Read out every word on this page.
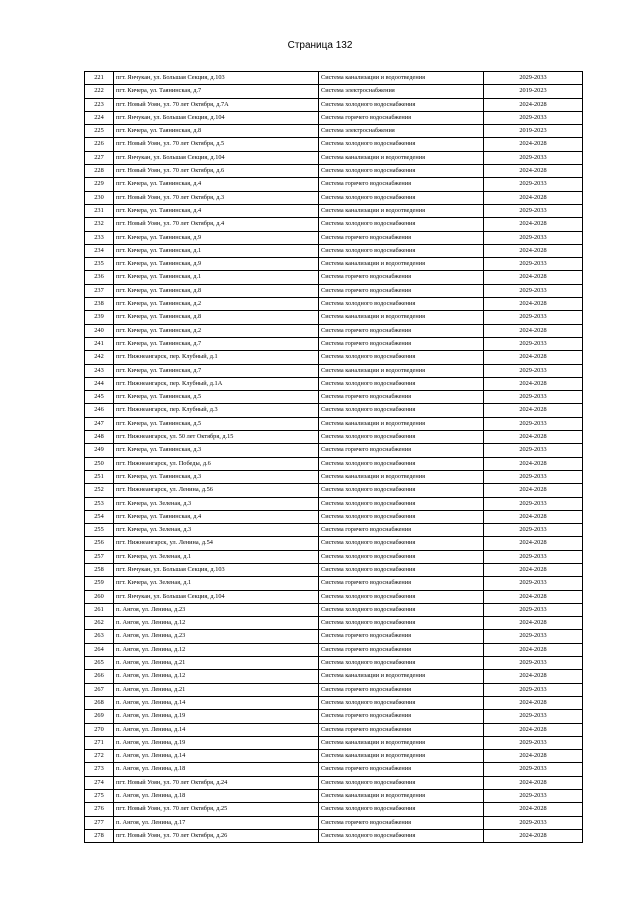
Страница 132
221	пгт. Янчукан, ул. Большая Секция, д.103	Система канализации и водоотведения	2029-2033
222	пгт. Кичера, ул. Таянинская, д.7	Система электроснабжения	2019-2023
223	пгт. Новый Уоян, ул. 70 лет Октября, д.7А	Система холодного водоснабжения	2024-2028
224	пгт. Янчукан, ул. Большая Секция, д.104	Система горячего водоснабжения	2029-2033
225	пгт. Кичера, ул. Таянинская, д.8	Система электроснабжения	2019-2023
226	пгт. Новый Уоян, ул. 70 лет Октября, д.5	Система холодного водоснабжения	2024-2028
227	пгт. Янчукан, ул. Большая Секция, д.104	Система канализации и водоотведения	2029-2033
228	пгт. Новый Уоян, ул. 70 лет Октября, д.6	Система холодного водоснабжения	2024-2028
229	пгт. Кичера, ул. Таянинская, д.4	Система горячего водоснабжения	2029-2033
230	пгт. Новый Уоян, ул. 70 лет Октября, д.3	Система холодного водоснабжения	2024-2028
231	пгт. Кичера, ул. Таянинская, д.4	Система канализации и водоотведения	2029-2033
232	пгт. Новый Уоян, ул. 70 лет Октября, д.4	Система холодного водоснабжения	2024-2028
233	пгт. Кичера, ул. Таянинская, д.9	Система горячего водоснабжения	2029-2033
234	пгт. Кичера, ул. Таянинская, д.1	Система холодного водоснабжения	2024-2028
235	пгт. Кичера, ул. Таянинская, д.9	Система канализации и водоотведения	2029-2033
236	пгт. Кичера, ул. Таянинская, д.1	Система горячего водоснабжения	2024-2028
237	пгт. Кичера, ул. Таянинская, д.8	Система горячего водоснабжения	2029-2033
238	пгт. Кичера, ул. Таянинская, д.2	Система холодного водоснабжения	2024-2028
239	пгт. Кичера, ул. Таянинская, д.8	Система канализации и водоотведения	2029-2033
240	пгт. Кичера, ул. Таянинская, д.2	Система горячего водоснабжения	2024-2028
241	пгт. Кичера, ул. Таянинская, д.7	Система горячего водоснабжения	2029-2033
242	пгт. Нижнеангарск, пер. Клубный, д.1	Система холодного водоснабжения	2024-2028
243	пгт. Кичера, ул. Таянинская, д.7	Система канализации и водоотведения	2029-2033
244	пгт. Нижнеангарск, пер. Клубный, д.1А	Система холодного водоснабжения	2024-2028
245	пгт. Кичера, ул. Таянинская, д.5	Система горячего водоснабжения	2029-2033
246	пгт. Нижнеангарск, пер. Клубный, д.3	Система холодного водоснабжения	2024-2028
247	пгт. Кичера, ул. Таянинская, д.5	Система канализации и водоотведения	2029-2033
248	пгт. Нижнеангарск, ул. 50 лет Октября, д.15	Система холодного водоснабжения	2024-2028
249	пгт. Кичера, ул. Таянинская, д.3	Система горячего водоснабжения	2029-2033
250	пгт. Нижнеангарск, ул. Победы, д.6	Система холодного водоснабжения	2024-2028
251	пгт. Кичера, ул. Таянинская, д.3	Система канализации и водоотведения	2029-2033
252	пгт. Нижнеангарск, ул. Ленина, д.56	Система холодного водоснабжения	2024-2028
253	пгт. Кичера, ул. Зеленая, д.3	Система холодного водоснабжения	2029-2033
254	пгт. Кичера, ул. Таянинская, д.4	Система холодного водоснабжения	2024-2028
255	пгт. Кичера, ул. Зеленая, д.3	Система горячего водоснабжения	2029-2033
256	пгт. Нижнеангарск, ул. Ленина, д.54	Система холодного водоснабжения	2024-2028
257	пгт. Кичера, ул. Зеленая, д.1	Система холодного водоснабжения	2029-2033
258	пгт. Янчукан, ул. Большая Секция, д.103	Система холодного водоснабжения	2024-2028
259	пгт. Кичера, ул. Зеленая, д.1	Система горячего водоснабжения	2029-2033
260	пгт. Янчукан, ул. Большая Секция, д.104	Система холодного водоснабжения	2024-2028
261	п. Ангоя, ул. Ленина, д.23	Система холодного водоснабжения	2029-2033
262	п. Ангоя, ул. Ленина, д.12	Система холодного водоснабжения	2024-2028
263	п. Ангоя, ул. Ленина, д.23	Система горячего водоснабжения	2029-2033
264	п. Ангоя, ул. Ленина, д.12	Система горячего водоснабжения	2024-2028
265	п. Ангоя, ул. Ленина, д.21	Система холодного водоснабжения	2029-2033
266	п. Ангоя, ул. Ленина, д.12	Система канализации и водоотведения	2024-2028
267	п. Ангоя, ул. Ленина, д.21	Система горячего водоснабжения	2029-2033
268	п. Ангоя, ул. Ленина, д.14	Система холодного водоснабжения	2024-2028
269	п. Ангоя, ул. Ленина, д.19	Система горячего водоснабжения	2029-2033
270	п. Ангоя, ул. Ленина, д.14	Система горячего водоснабжения	2024-2028
271	п. Ангоя, ул. Ленина, д.19	Система канализации и водоотведения	2029-2033
272	п. Ангоя, ул. Ленина, д.14	Система канализации и водоотведения	2024-2028
273	п. Ангоя, ул. Ленина, д.18	Система горячего водоснабжения	2029-2033
274	пгт. Новый Уоян, ул. 70 лет Октября, д.24	Система холодного водоснабжения	2024-2028
275	п. Ангоя, ул. Ленина, д.18	Система канализации и водоотведения	2029-2033
276	пгт. Новый Уоян, ул. 70 лет Октября, д.25	Система холодного водоснабжения	2024-2028
277	п. Ангоя, ул. Ленина, д.17	Система горячего водоснабжения	2029-2033
278	пгт. Новый Уоян, ул. 70 лет Октября, д.26	Система холодного водоснабжения	2024-2028
